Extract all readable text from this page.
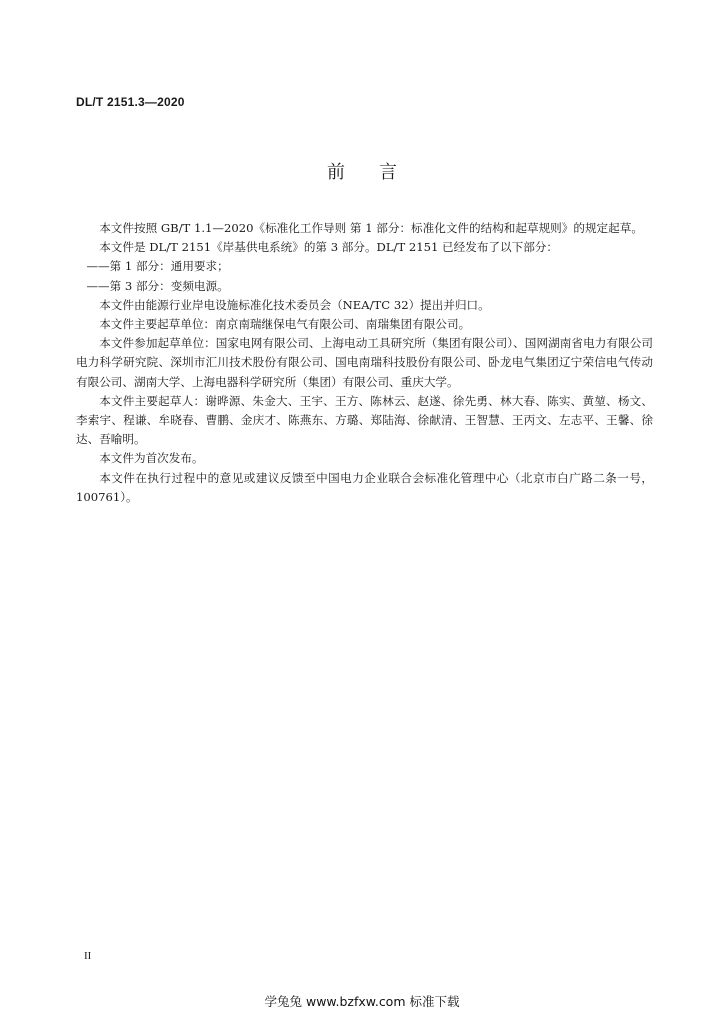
DL/T 2151.3—2020
前言

本文件按照 GB/T 1.1—2020《标准化工作导则 第 1 部分：标准化文件的结构和起草规则》的规定起草。

本文件是 DL/T 2151《岸基供电系统》的第 3 部分。DL/T 2151 已经发布了以下部分：

——第 1 部分：通用要求；

——第 3 部分：变频电源。

本文件由能源行业岸电设施标准化技术委员会（NEA/TC 32）提出并归口。

本文件主要起草单位：南京南瑞继保电气有限公司、南瑞集团有限公司。

本文件参加起草单位：国家电网有限公司、上海电动工具研究所（集团有限公司）、国网湖南省电力有限公司电力科学研究院、深圳市汇川技术股份有限公司、国电南瑞科技股份有限公司、卧龙电气集团辽宁荣信电气传动有限公司、湖南大学、上海电器科学研究所（集团）有限公司、重庆大学。

本文件主要起草人：谢晔源、朱金大、王宇、王方、陈林云、赵遂、徐先勇、林大春、陈实、黄堃、杨文、李索宇、程谦、牟晓春、曹鹏、金庆才、陈燕东、方璐、郑陆海、徐献清、王智慧、王丙文、左志平、王馨、徐达、吾喻明。

本文件为首次发布。

本文件在执行过程中的意见或建议反馈至中国电力企业联合会标准化管理中心（北京市白广路二条一号，100761）。

II
学兔兔 www.bzfxw.com 标准下载
